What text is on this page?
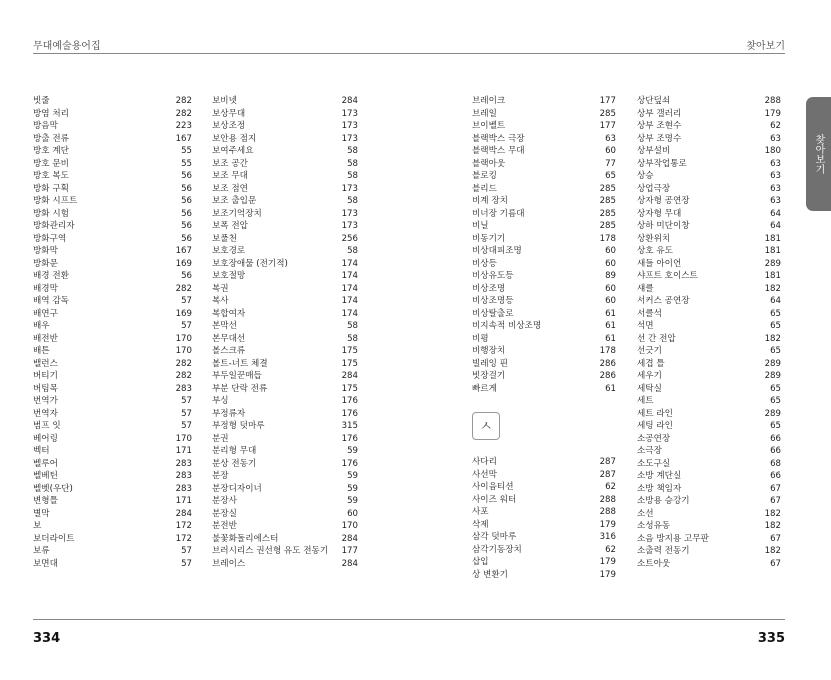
무대예술용어집	찾아보기
빗줄	282
방염 처리	282
방음막	223
방출 전류	167
방호 계단	55
방호 문비	55
방호 복도	56
방화 구획	56
방화 시프트	56
방화 시험	56
방화관리자	56
방화구역	56
방화막	167
방화문	169
배경 전환	56
배경막	282
배역 감독	57
배연구	169
배우	57
배전반	170
배튼	170
밸런스	282
버티기	282
버팀목	283
번역가	57
번역자	57
범프 잇	57
베어링	170
벡터	171
벨루어	283
벨베틴	283
벨벳(우단)	283
변형틀	171
별막	284
보	172
보더라이트	172
보류	57
보면대	57
보비넷	284
보상무대	173
보상조정	173
보안용 점지	173
보여주세요	58
보조 공간	58
보조 무대	58
보조 점연	173
보조 출입문	58
보조기억장치	173
보폭 전압	173
보풀천	256
보호경로	58
보호장애물 (전기적)	174
보호절망	174
복권	174
복사	174
복합여자	174
본막선	58
본무대선	58
볼스크류	175
볼트-너트 체결	175
부두일꾼매듭	284
부분 단락 전류	175
부싱	176
부정류자	176
부정형 덧마루	315
분권	176
분리형 무대	59
분상 전동기	176
분장	59
분장디자이너	59
분장사	59
분장실	60
분전반	170
불꽃화돌리에스터	284
브러시리스 권선형 유도 전동기 177
브레이스	284
브레이크	177
브레일	285
브이벨트	177
블랙박스 극장	63
블랙박스 무대	60
블랙아웃	77
블로킹	65
블리드	285
비계 장치	285
비너장 기름대	285
비닐	285
비동기기	178
비상대피조명	60
비상등	60
비상유도등	89
비상조명	60
비상조명등	60
비상탈출로	61
비지속적 비상조명	61
비평	61
비행장치	178
빌레잉 핀	286
빗장걸기	286
빠르게	61
ㅅ
사다리	287
사선막	287
사이음티션	62
사이즈 워터	288
사포	288
삭제	179
삼각 덧마루	316
삼각기동장치	62
삽입	179
상 변환기	179
상단덮쇠	288
상부 갤러리	179
상부 조현수	62
상부 조명수	63
상부설비	180
상부작업통로	63
상승	63
상업극장	63
상자형 공연장	63
상자형 무대	64
상하 미단이창	64
상환위치	181
상호 유도	181
새들 아이언	289
샤프트 호이스트	181
섀클	182
서커스 공연장	64
서클석	65
석면	65
선 간 전압	182
선긋기	65
세겹 틀	289
세우기	289
세탁실	65
세트	65
세트 라인	289
세팅 라인	65
소공연장	66
소극장	66
소도구실	68
소방 계단실	66
소방 책임자	67
소방용 승강기	67
소선	182
소성유동	182
소음 방지용 고무판	67
소출력 전동기	182
소트아웃	67
찾아보기
334	335
